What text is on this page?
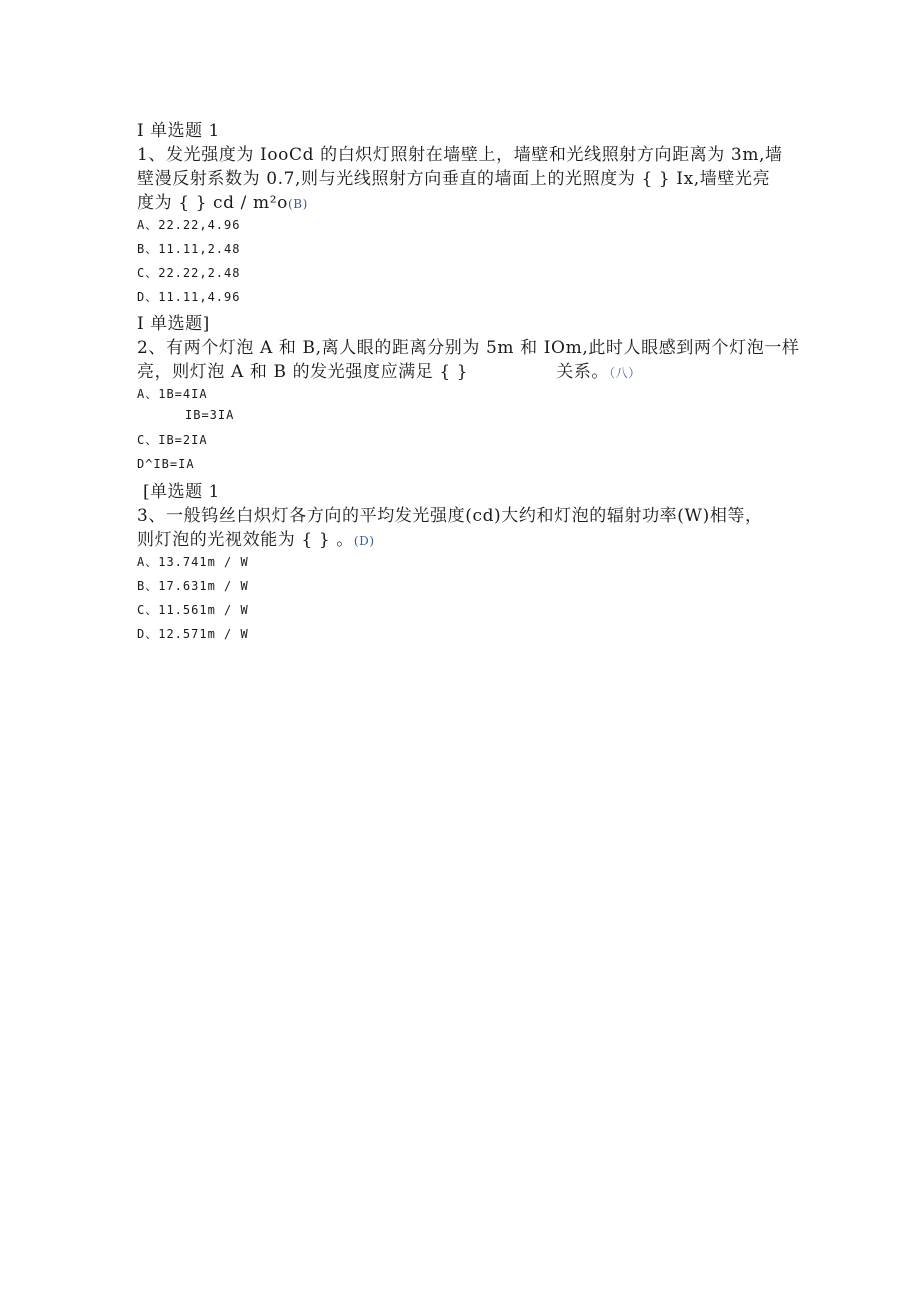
I 单选题 1
1、发光强度为 IooCd 的白炽灯照射在墙壁上，墙壁和光线照射方向距离为 3m,墙
壁漫反射系数为 0.7,则与光线照射方向垂直的墙面上的光照度为 { } Ix,墙壁光亮
度为 { } cd / m²o(B)
A、22.22,4.96
B、11.11,2.48
C、22.22,2.48
D、11.11,4.96
I 单选题]
2、有两个灯泡 A 和 B,离人眼的距离分别为 5m 和 IOm,此时人眼感到两个灯泡一样
亮，则灯泡 A 和 B 的发光强度应满足 { }	关系。（八）
A、1B=4IA
IB=3IA
C、IB=2IA
D^IB=IA
[单选题 1
3、一般钨丝白炽灯各方向的平均发光强度(cd)大约和灯泡的辐射功率(W)相等，
则灯泡的光视效能为 { } 。(D)
A、13.741m / W
B、17.631m / W
C、11.561m / W
D、12.571m / W
